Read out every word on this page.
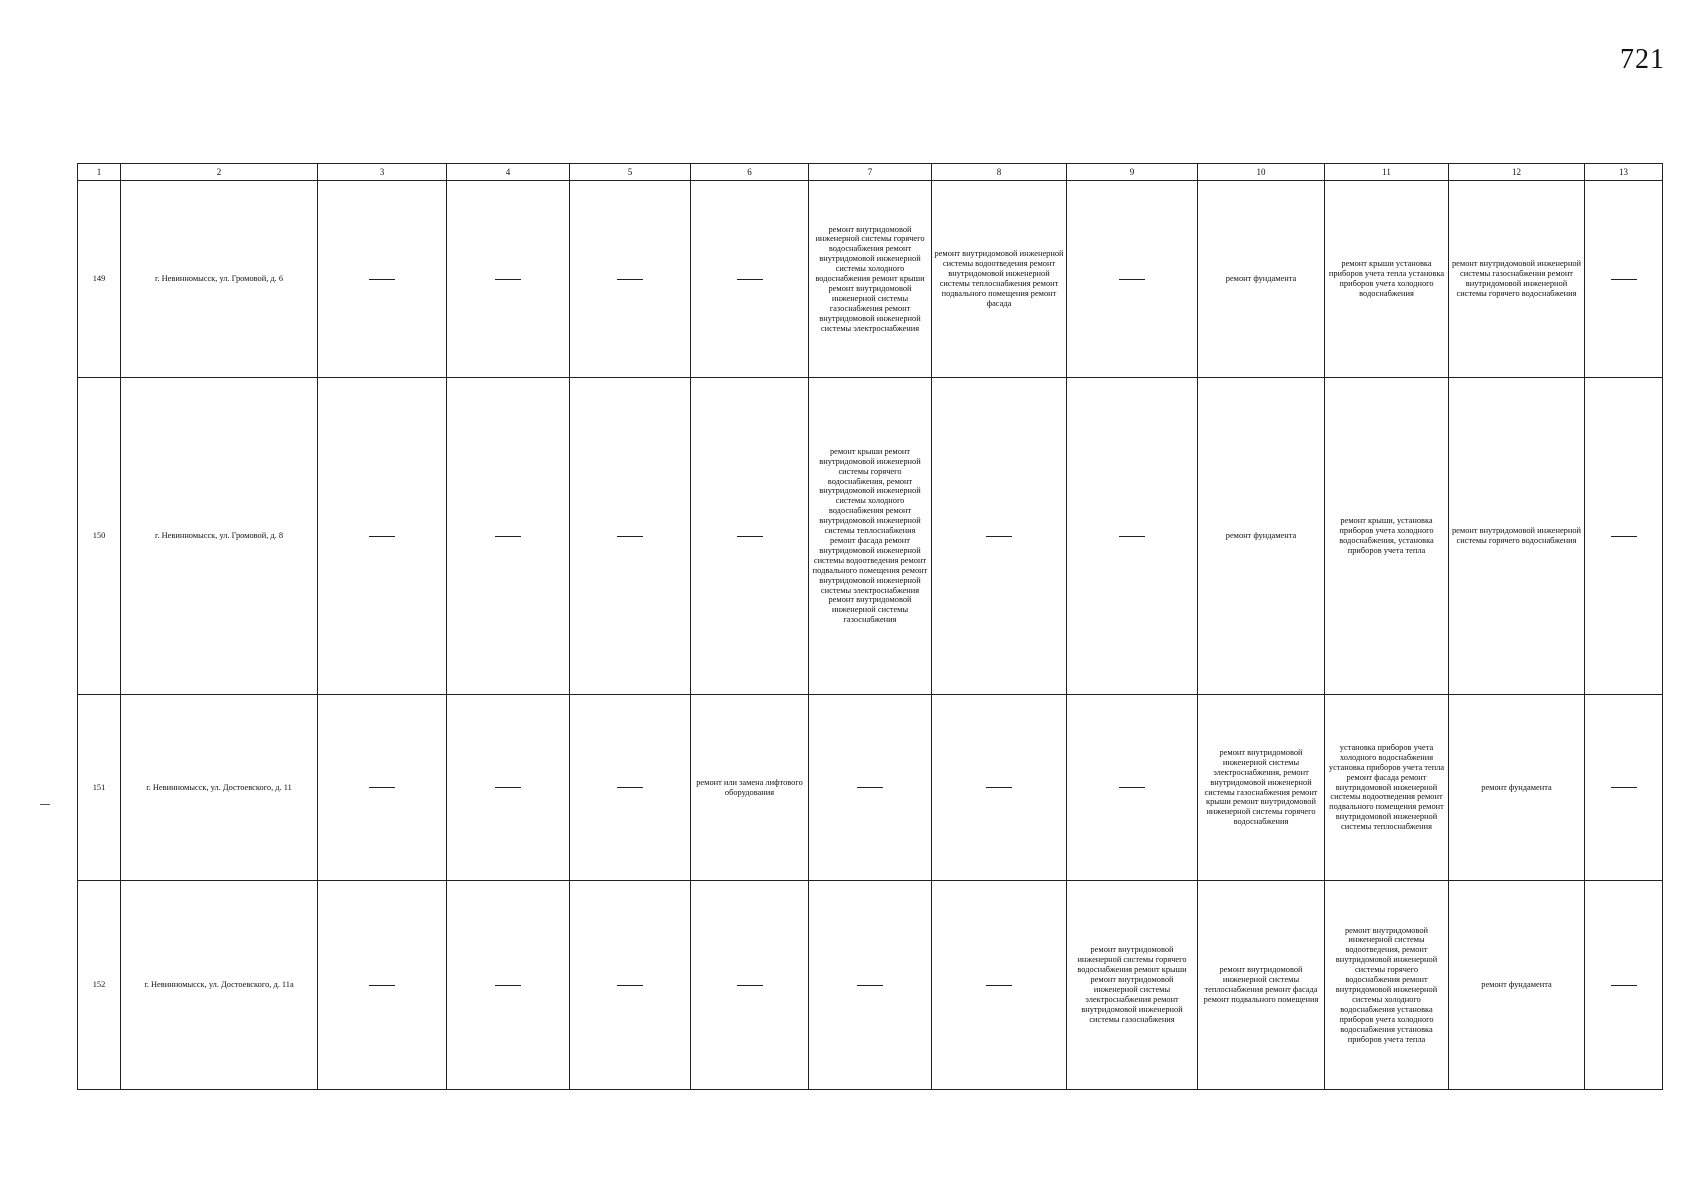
721
1	2	3	4	5	6	7	8	9	10	11	12	13
149	г. Невинномысск, ул. Громовой, д. 6					ремонт внутридомовой инженерной системы горячего водоснабжения ремонт внутридомовой инженерной системы холодного водоснабжения ремонт крыши ремонт внутридомовой инженерной системы газоснабжения ремонт внутридомовой инженерной системы электроснабжения	ремонт внутридомовой инженерной системы водоотведения ремонт внутридомовой инженерной системы теплоснабжения ремонт подвального помещения ремонт фасада		ремонт фундамента	ремонт крыши установка приборов учета тепла установка приборов учета холодного водоснабжения	ремонт внутридомовой инженерной системы газоснабжения ремонт внутридомовой инженерной системы горячего водоснабжения	
150	г. Невинномысск, ул. Громовой, д. 8					ремонт крыши ремонт внутридомовой инженерной системы горячего водоснабжения, ремонт внутридомовой инженерной системы холодного водоснабжения ремонт внутридомовой инженерной системы теплоснабжения ремонт фасада ремонт внутридомовой инженерной системы водоотведения ремонт подвального помещения ремонт внутридомовой инженерной системы электроснабжения ремонт внутридомовой инженерной системы газоснабжения			ремонт фундамента	ремонт крыши, установка приборов учета холодного водоснабжения, установка приборов учета тепла	ремонт внутридомовой инженерной системы горячего водоснабжения	
151	г. Невинномысск, ул. Достоевского, д. 11				ремонт или замена лифтового оборудования				ремонт внутридомовой инженерной системы электроснабжения, ремонт внутридомовой инженерной системы газоснабжения ремонт крыши ремонт внутридомовой инженерной системы горячего водоснабжения	установка приборов учета холодного водоснабжения установка приборов учета тепла ремонт фасада ремонт внутридомовой инженерной системы водоотведения ремонт подвального помещения ремонт внутридомовой инженерной системы теплоснабжения	ремонт фундамента	
152	г. Невинномысск, ул. Достоевского, д. 11а							ремонт внутридомовой инженерной системы горячего водоснабжения ремонт крыши ремонт внутридомовой инженерной системы электроснабжения ремонт внутридомовой инженерной системы газоснабжения	ремонт внутридомовой инженерной системы теплоснабжения ремонт фасада ремонт подвального помещения	ремонт внутридомовой инженерной системы водоотведения, ремонт внутридомовой инженерной системы горячего водоснабжения ремонт внутридомовой инженерной системы холодного водоснабжения установка приборов учета холодного водоснабжения установка приборов учета тепла	ремонт фундамента	
